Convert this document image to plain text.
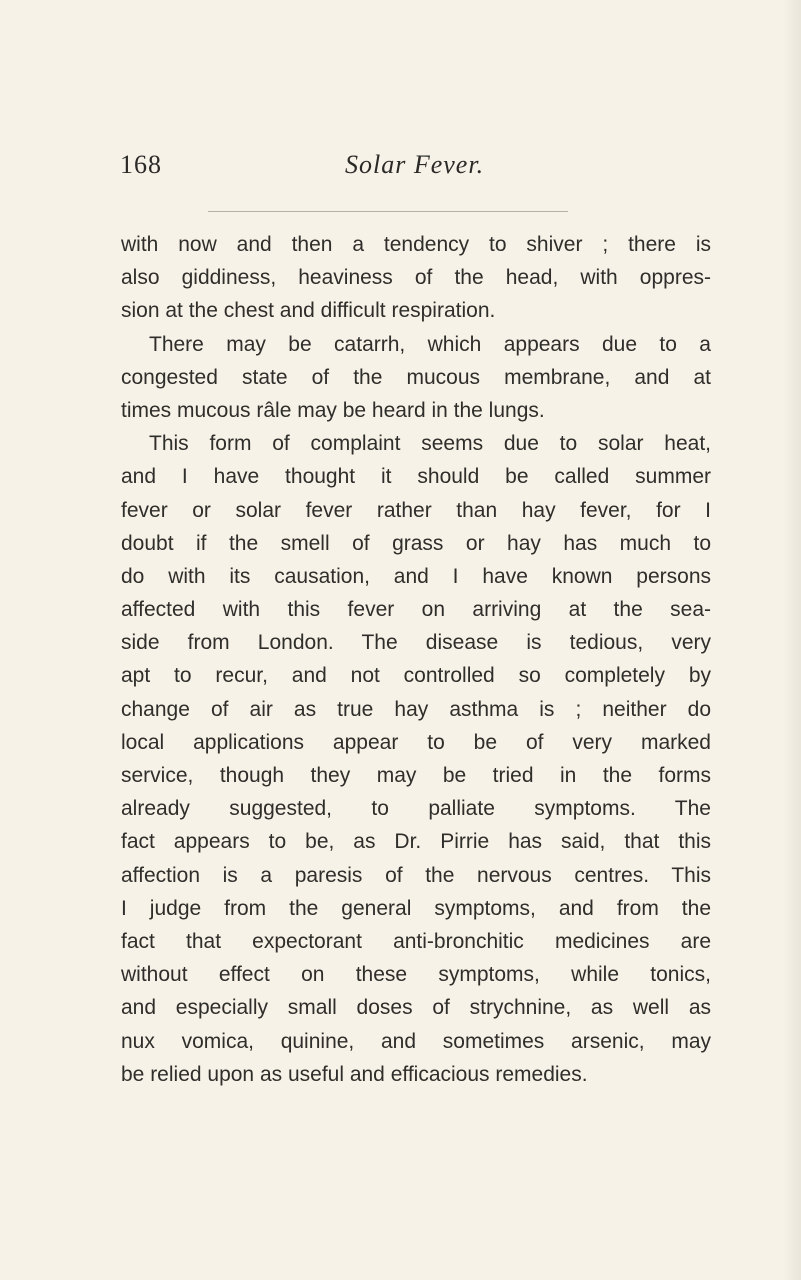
168	Solar Fever.
with now and then a tendency to shiver ; there is
also giddiness, heaviness of the head, with oppres-
sion at the chest and difficult respiration.
There may be catarrh, which appears due to a
congested state of the mucous membrane, and at
times mucous râle may be heard in the lungs.
This form of complaint seems due to solar heat,
and I have thought it should be called summer
fever or solar fever rather than hay fever, for I
doubt if the smell of grass or hay has much to
do with its causation, and I have known persons
affected with this fever on arriving at the sea-
side from London. The disease is tedious, very
apt to recur, and not controlled so completely by
change of air as true hay asthma is ; neither do
local applications appear to be of very marked
service, though they may be tried in the forms
already suggested, to palliate symptoms. The
fact appears to be, as Dr. Pirrie has said, that this
affection is a paresis of the nervous centres. This
I judge from the general symptoms, and from the
fact that expectorant anti-bronchitic medicines are
without effect on these symptoms, while tonics,
and especially small doses of strychnine, as well as
nux vomica, quinine, and sometimes arsenic, may
be relied upon as useful and efficacious remedies.
